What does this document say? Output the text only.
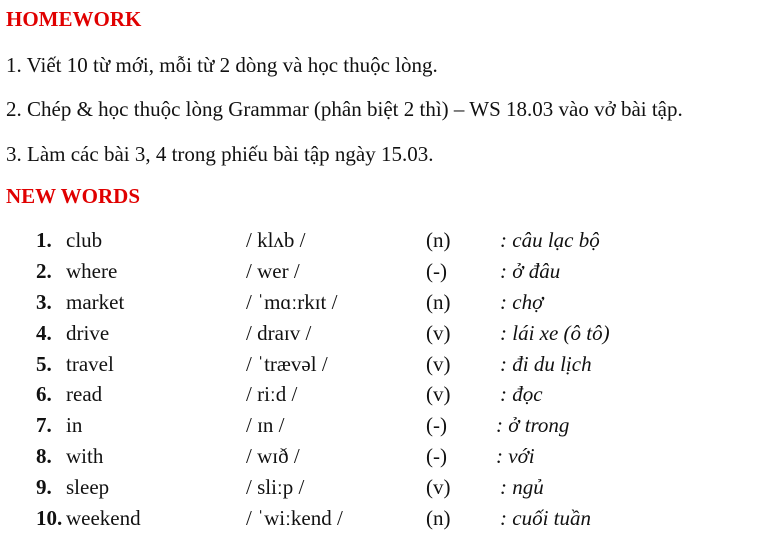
HOMEWORK
1. Viết 10 từ mới, mỗi từ 2 dòng và học thuộc lòng.
2. Chép & học thuộc lòng Grammar (phân biệt 2 thì) – WS 18.03 vào vở bài tập.
3. Làm các bài 3, 4 trong phiếu bài tập ngày 15.03.
NEW WORDS
1. club	/ klʌb /	(n) : câu lạc bộ
2. where	/ wer /	(-)	: ở đâu
3. market	/ ˈmɑːrkɪt /	(n) : chợ
4. drive	/ draɪv /	(v) : lái xe (ô tô)
5. travel	/ ˈtrævəl /	(v) : đi du lịch
6. read	/ riːd /	(v) : đọc
7. in	/ ɪn /	(-) : ở trong
8. with	/ wɪð /	(-) : với
9. sleep	/ sliːp /	(v) : ngủ
10. weekend	/ ˈwiːkend /	(n) : cuối tuần
